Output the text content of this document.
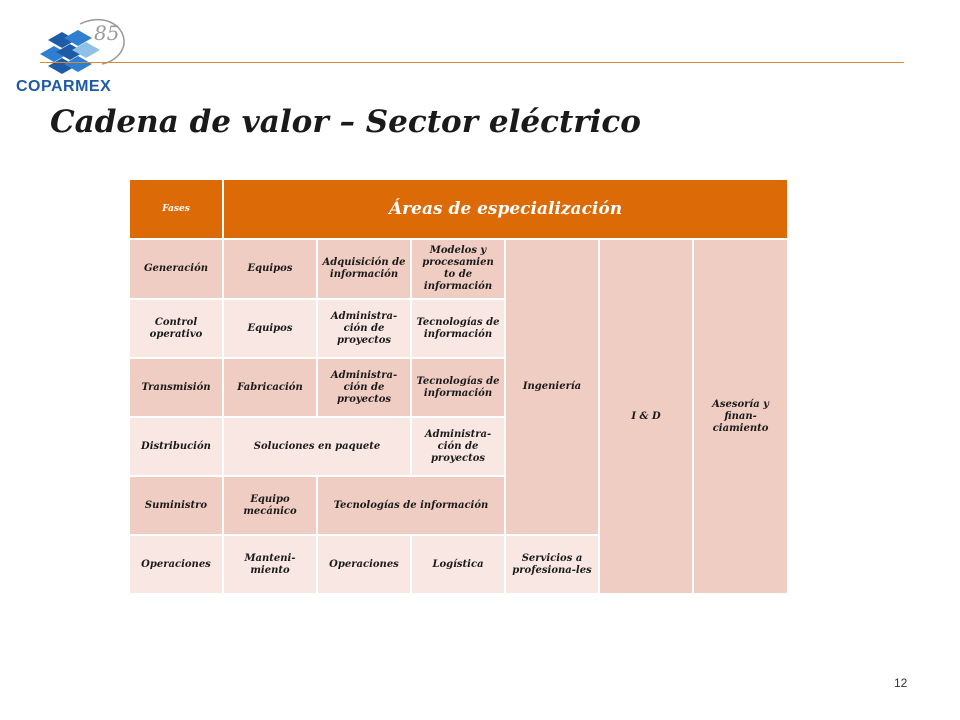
85
COPARMEX
Cadena de valor – Sector eléctrico
Fases	Áreas de especialización					
Generación	Equipos	Adquisición de información	Modelos y procesamien to de información	Ingeniería	I & D	Asesoría y finan-ciamiento
Control operativo	Equipos	Administra-ción de proyectos	Tecnologías de información			
Transmisión	Fabricación	Administra-ción de proyectos	Tecnologías de información			
Distribución	Soluciones en paquete		Administra-ción de proyectos			
Suministro	Equipo mecánico	Tecnologías de información				
Operaciones	Manteni-miento	Operaciones	Logística	Servicios a profesiona-les		
12
